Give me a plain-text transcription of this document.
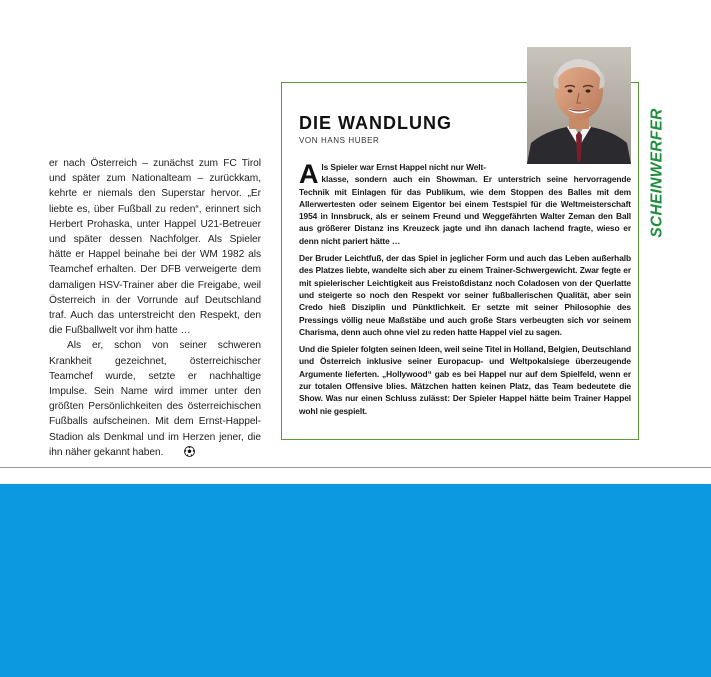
er nach Österreich – zunächst zum FC Tirol und später zum Nationalteam – zurückkam, kehrte er niemals den Superstar hervor. „Er liebte es, über Fußball zu reden“, erinnert sich Herbert Prohaska, unter Happel U21-Betreuer und später dessen Nachfolger. Als Spieler hätte er Happel beinahe bei der WM 1982 als Teamchef erhalten. Der DFB verweigerte dem damaligen HSV-Trainer aber die Freigabe, weil Österreich in der Vorrunde auf Deutschland traf. Auch das unterstreicht den Respekt, den die Fußballwelt vor ihm hatte …

Als er, schon von seiner schweren Krankheit gezeichnet, österreichischer Teamchef wurde, setzte er nachhaltige Impulse. Sein Name wird immer unter den größten Persönlichkeiten des österreichischen Fußballs aufscheinen. Mit dem Ernst-Happel-Stadion als Denkmal und im Herzen jener, die ihn näher gekannt haben.

SCHEINWERFER
DIE WANDLUNG
VON HANS HUBER

A ls Spieler war Ernst Happel nicht nur Welt-
klasse, sondern auch ein Showman. Er unterstrich seine hervorragende Technik mit Einlagen für das Publikum, wie dem Stoppen des Balles mit dem Allerwertesten oder seinem Eigentor bei einem Testspiel für die Weltmeisterschaft 1954 in Innsbruck, als er seinem Freund und Weggefährten Walter Zeman den Ball aus größerer Distanz ins Kreuzeck jagte und ihn danach lachend fragte, wieso er denn nicht pariert hätte …

Der Bruder Leichtfuß, der das Spiel in jeglicher Form und auch das Leben außerhalb des Platzes liebte, wandelte sich aber zu einem Trainer-Schwergewicht. Zwar fegte er mit spielerischer Leichtigkeit aus Freistoßdistanz noch Coladosen von der Querlatte und steigerte so noch den Respekt vor seiner fußballerischen Qualität, aber sein Credo hieß Disziplin und Pünktlichkeit. Er setzte mit seiner Philosophie des Pressings völlig neue Maßstäbe und auch große Stars verbeugten sich vor seinem Charisma, denn auch ohne viel zu reden hatte Happel viel zu sagen.

Und die Spieler folgten seinen Ideen, weil seine Titel in Holland, Belgien, Deutschland und Österreich inklusive seiner Europacup- und Weltpokalsiege überzeugende Argumente lieferten. „Hollywood“ gab es bei Happel nur auf dem Spielfeld, wenn er zur totalen Offensive blies. Mätzchen hatten keinen Platz, das Team bedeutete die Show. Was nur einen Schluss zulässt: Der Spieler Happel hätte beim Trainer Happel wohl nie gespielt.
